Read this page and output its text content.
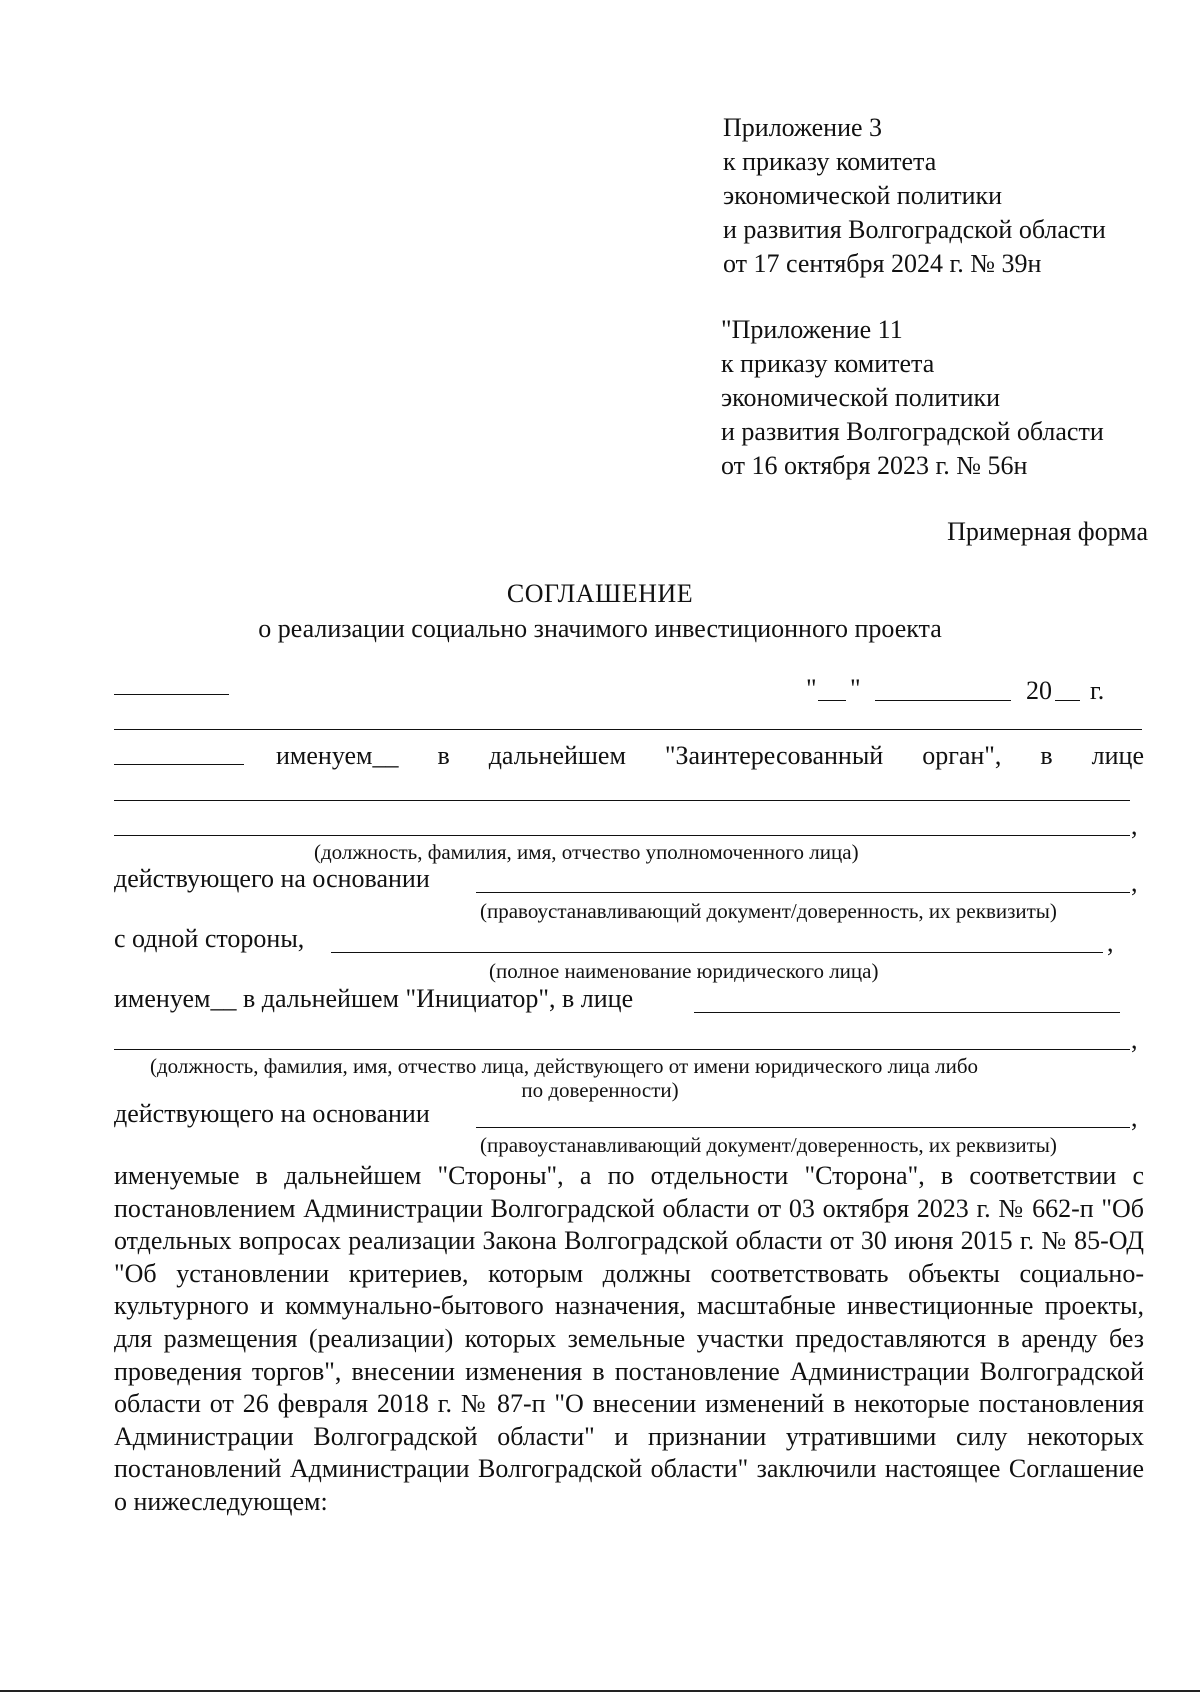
Приложение 3
к приказу комитета
экономической политики
и развития Волгоградской области
от 17 сентября 2024 г. № 39н
"Приложение 11
к приказу комитета
экономической политики
и развития Волгоградской области
от 16 октября 2023 г. № 56н
Примерная форма
СОГЛАШЕНИЕ
о реализации социально значимого инвестиционного проекта
" "	20 г.
именуем__ в дальнейшем "Заинтересованный орган", в лице
,
(должность, фамилия, имя, отчество уполномоченного лица)
действующего на основании	,
(правоустанавливающий документ/доверенность, их реквизиты)
с одной стороны,	,
(полное наименование юридического лица)
именуем__ в дальнейшем "Инициатор", в лице
,
(должность, фамилия, имя, отчество лица, действующего от имени юридического лица либо
по доверенности)
действующего на основании	,
(правоустанавливающий документ/доверенность, их реквизиты)
именуемые в дальнейшем "Стороны", а по отдельности "Сторона", в соответствии с постановлением Администрации Волгоградской области от 03 октября 2023 г. № 662-п "Об отдельных вопросах реализации Закона Волгоградской области от 30 июня 2015 г. № 85-ОД "Об установлении критериев, которым должны соответствовать объекты социально-культурного и коммунально-бытового назначения, масштабные инвестиционные проекты, для размещения (реализации) которых земельные участки предоставляются в аренду без проведения торгов", внесении изменения в постановление Администрации Волгоградской области от 26 февраля 2018 г. № 87-п "О внесении изменений в некоторые постановления Администрации Волгоградской области" и признании утратившими силу некоторых постановлений Администрации Волгоградской области" заключили настоящее Соглашение о нижеследующем:
